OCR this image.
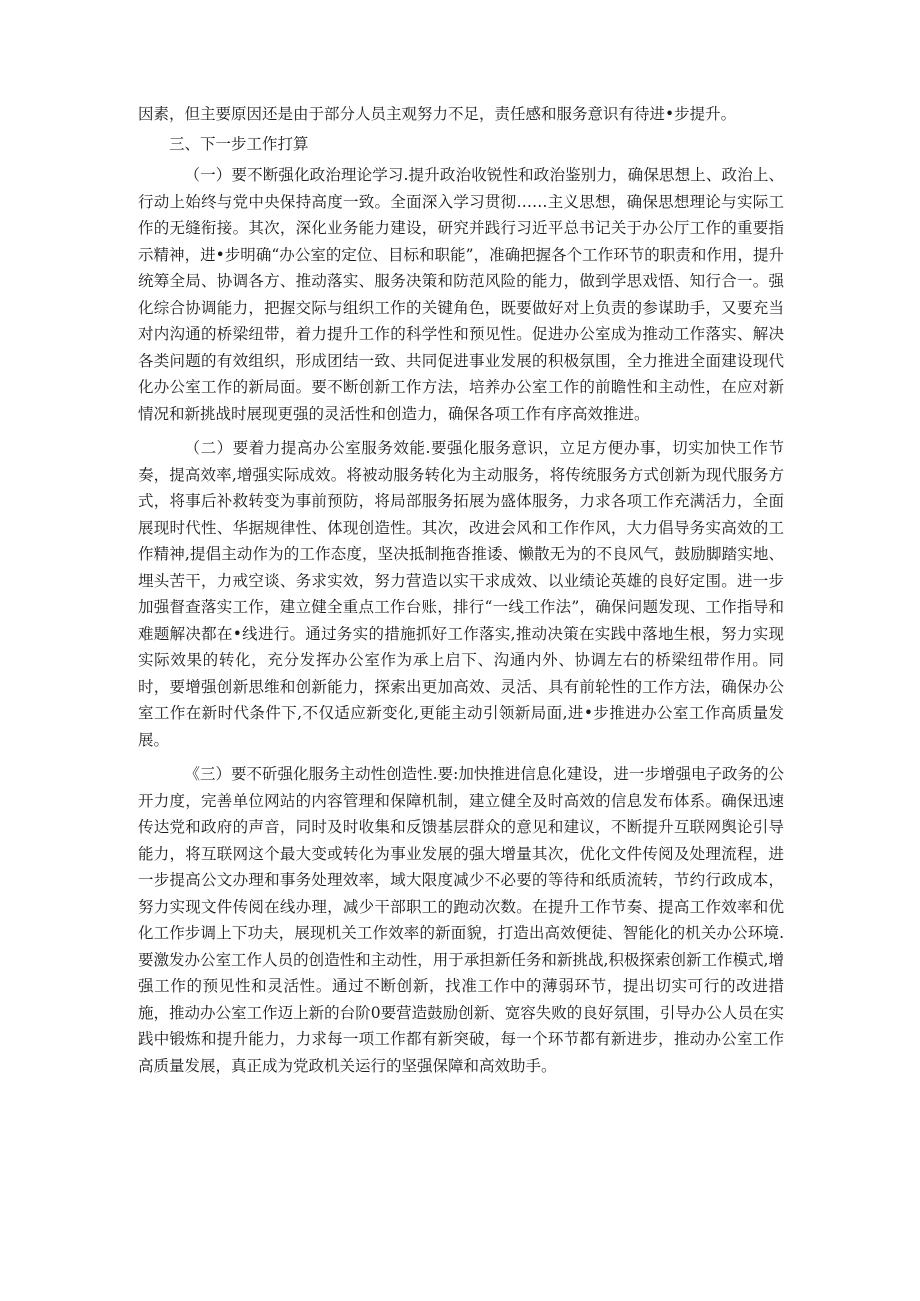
因素，但主要原因还是由于部分人员主观努力不足，责任感和服务意识有待进•步提升。

三、下一步工作打算

（一）要不断强化政治理论学习.提升政治收锐性和政治鉴别力，确保思想上、政治上、行动上始终与党中央保持高度一致。全面深入学习贯彻……主义思想，确保思想理论与实际工作的无缝衔接。其次，深化业务能力建设，研究并践行习近平总书记关于办公厅工作的重要指示精神，进•步明确“办公室的定位、目标和职能”，准确把握各个工作环节的职责和作用，提升统筹全局、协调各方、推动落实、服务决策和防范风险的能力，做到学思戏悟、知行合一。强化综合协调能力，把握交际与组织工作的关键角色，既要做好对上负责的参谋助手，又要充当对内沟通的桥梁纽带，着力提升工作的科学性和预见性。促进办公室成为推动工作落实、解决各类问题的有效组织，形成团结一致、共同促进事业发展的积极氛围，全力推进全面建设现代化办公室工作的新局面。要不断创新工作方法，培养办公室工作的前瞻性和主动性，在应对新情况和新挑战时展现更强的灵活性和创造力，确保各项工作有序高效推进。

（二）要着力提高办公室服务效能.要强化服务意识，立足方便办事，切实加快工作节奏，提高效率,增强实际成效。将被动服务转化为主动服务，将传统服务方式创新为现代服务方式，将事后补救转变为事前预防，将局部服务拓展为盛体服务，力求各项工作充满活力，全面展现时代性、华据规律性、体现创造性。其次，改进会风和工作作风，大力倡导务实高效的工作精神,提倡主动作为的工作态度，坚决抵制拖沓推诿、懒散无为的不良风气，鼓励脚踏实地、埋头苦干，力戒空谈、务求实效，努力营造以实干求成效、以业绩论英雄的良好定围。进一步加强督查落实工作，建立健全重点工作台账，排行“一线工作法”，确保问题发现、工作指导和难题解决都在•线进行。通过务实的措施抓好工作落实,推动决策在实践中落地生根，努力实现实际效果的转化，充分发挥办公室作为承上启下、沟通内外、协调左右的桥梁纽带作用。同时，要增强创新思维和创新能力，探索出更加高效、灵活、具有前轮性的工作方法，确保办公室工作在新时代条件下,不仅适应新变化,更能主动引领新局面,进•步推进办公室工作高质量发展。

《三）要不斫强化服务主动性创造性.要:加快推进信息化建设，进一步增强电子政务的公开力度，完善单位网站的内容管理和保障机制，建立健全及时高效的信息发布体系。确保迅速传达党和政府的声音，同时及时收集和反馈基层群众的意见和建议，不断提升互联网舆论引导能力，将互联网这个最大变或转化为事业发展的强大增量其次，优化文件传阅及处理流程，进一步提高公文办理和事务处理效率，域大限度减少不必要的等待和纸质流转，节约行政成本，努力实现文件传阅在线办理，减少干部职工的跑动次数。在提升工作节奏、提高工作效率和优化工作步调上下功夫，展现机关工作效率的新面貌，打造出高效便徒、智能化的机关办公环境.要激发办公室工作人员的创造性和主动性，用于承担新任务和新挑战,积极探索创新工作模式,增强工作的预见性和灵活性。通过不断创新，找准工作中的薄弱环节，提出切实可行的改进措施，推动办公室工作迈上新的台阶0要营造鼓励创新、宽容失败的良好氛围，引导办公人员在实践中锻炼和提升能力，力求每一项工作都有新突破，每一个环节都有新进步，推动办公室工作高质量发展，真正成为党政机关运行的坚强保障和高效助手。
